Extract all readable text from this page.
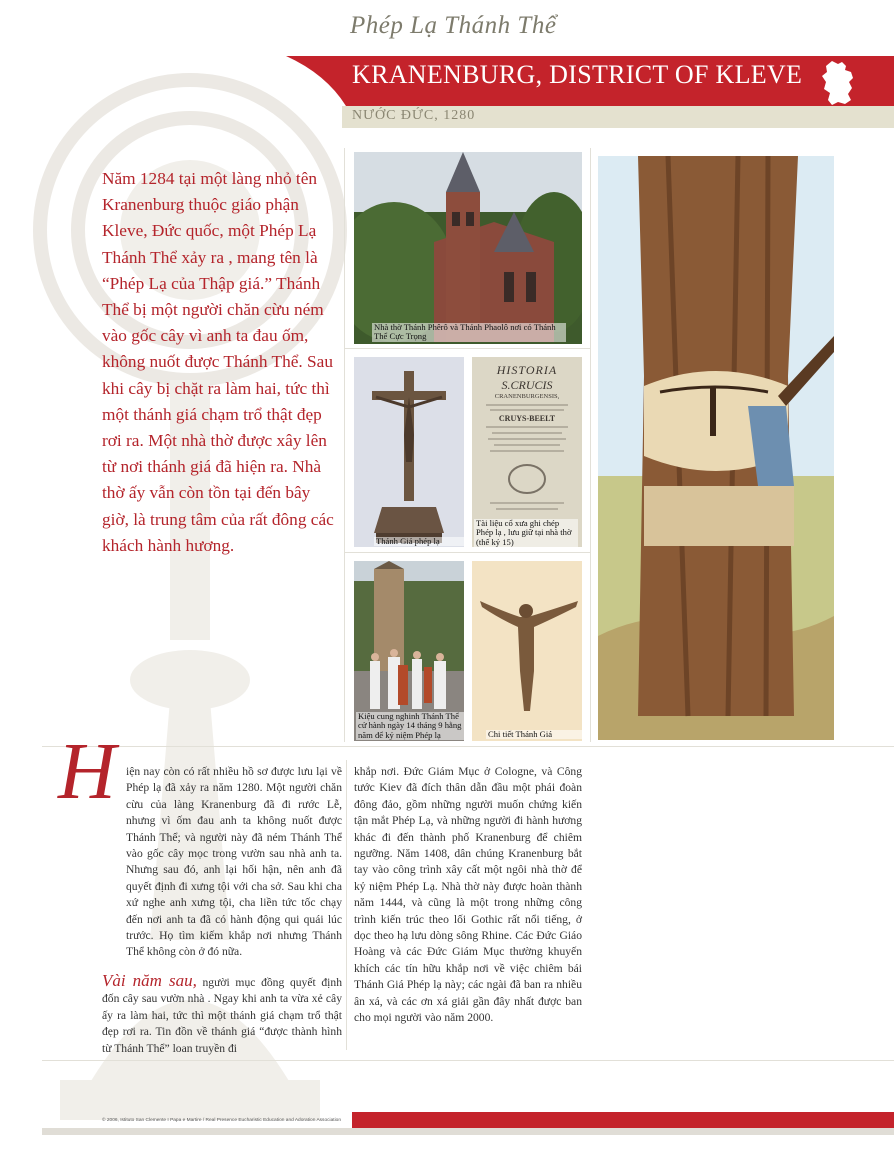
Phép Lạ Thánh Thể
KRANENBURG, DISTRICT OF KLEVE
NƯỚC ĐỨC, 1280

Năm 1284 tại một làng nhỏ tên Kranenburg thuộc giáo phận Kleve, Đức quốc, một Phép Lạ Thánh Thể xảy ra , mang tên là “Phép Lạ của Thập giá.” Thánh Thể bị một người chăn cừu ném vào gốc cây vì anh ta đau ốm, không nuốt được Thánh Thể. Sau khi cây bị chặt ra làm hai, tức thì một thánh giá chạm trổ thật đẹp rơi ra. Một nhà thờ được xây lên từ nơi thánh giá đã hiện ra. Nhà thờ ấy vẫn còn tồn tại đến bây giờ, là trung tâm của rất đông các khách hành hương.

Nhà thờ Thánh Phêrô và Thánh Phaolô nơi có Thánh Thể Cực Trọng
Thánh Giá phép lạ
HISTORIA
S.CRUCIS
CRANENBURGENSIS,
CRUYS-BEELT
Tài liệu cổ xưa ghi chép Phép lạ , lưu giữ tại nhà thờ (thế kỷ 15)
Kiệu cung nghinh Thánh Thể cử hành ngày 14 tháng 9 hằng năm để kỷ niệm Phép lạ	Chi tiết Thánh Giá
H iện nay còn có rất nhiều hồ sơ được lưu lại về Phép lạ đã xảy ra năm 1280. Một người chăn cừu của làng Kranenburg đã đi rước Lễ, nhưng vì ốm đau anh ta không nuốt được Thánh Thể; và người này đã ném Thánh Thể vào gốc cây mọc trong vườn sau nhà anh ta. Nhưng sau đó, anh lại hối hận, nên anh đã quyết định đi xưng tội với cha sở. Sau khi cha xứ nghe anh xưng tội, cha liền tức tốc chạy đến nơi anh ta đã có hành động qui quái lúc trước. Họ tìm kiếm khắp nơi nhưng Thánh Thể không còn ở đó nữa.

Vài năm sau, người mục đồng quyết định đốn cây sau vườn nhà . Ngay khi anh ta vừa xẻ cây ấy ra làm hai, tức thì một thánh giá chạm trổ thật đẹp rơi ra. Tin đồn về thánh giá “được thành hình từ Thánh Thể” loan truyền đi

khắp nơi. Đức Giám Mục ở Cologne, và Công tước Kiev đã đích thân dẫn đầu một phái đoàn đông đảo, gồm những người muốn chứng kiến tận mắt Phép Lạ, và những người đi hành hương khác đi đến thành phố Kranenburg để chiêm ngưỡng. Năm 1408, dân chúng Kranenburg bắt tay vào công trình xây cất một ngôi nhà thờ để kỷ niệm Phép Lạ. Nhà thờ này được hoàn thành năm 1444, và cũng là một trong những công trình kiến trúc theo lối Gothic rất nổi tiếng, ở dọc theo hạ lưu dòng sông Rhine. Các Đức Giáo Hoàng và các Đức Giám Mục thường khuyến khích các tín hữu khắp nơi về việc chiêm bái Thánh Giá Phép lạ này; các ngài đã ban ra nhiều ân xá, và các ơn xá giải gần đây nhất được ban cho mọi người vào năm 2000.

© 2006, Istituto San Clemente I Papa e Martire / Real Presence Eucharistic Education and Adoration Association
